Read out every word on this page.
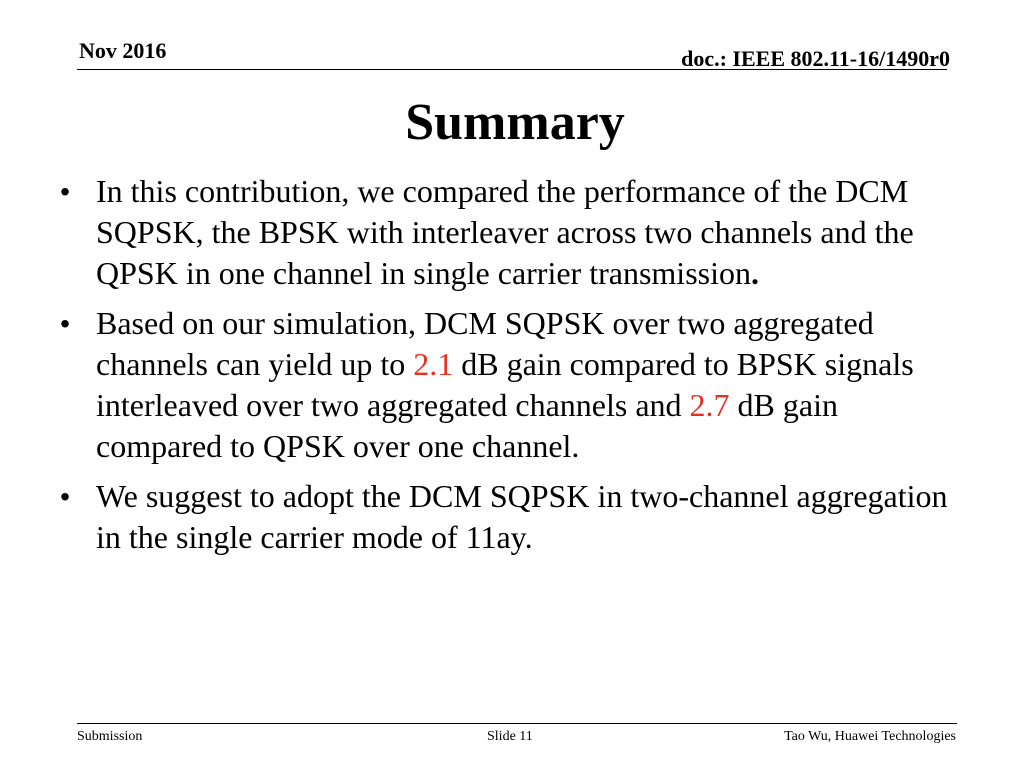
Nov 2016	doc.: IEEE 802.11-16/1490r0
Summary
• In this contribution, we compared the performance of the DCM SQPSK, the BPSK with interleaver across two channels and the QPSK in one channel in single carrier transmission.
• Based on our simulation, DCM SQPSK over two aggregated channels can yield up to 2.1 dB gain compared to BPSK signals interleaved over two aggregated channels and 2.7 dB gain compared to QPSK over one channel.
• We suggest to adopt the DCM SQPSK in two-channel aggregation in the single carrier mode of 11ay.
Submission	Slide 11	Tao Wu, Huawei Technologies
